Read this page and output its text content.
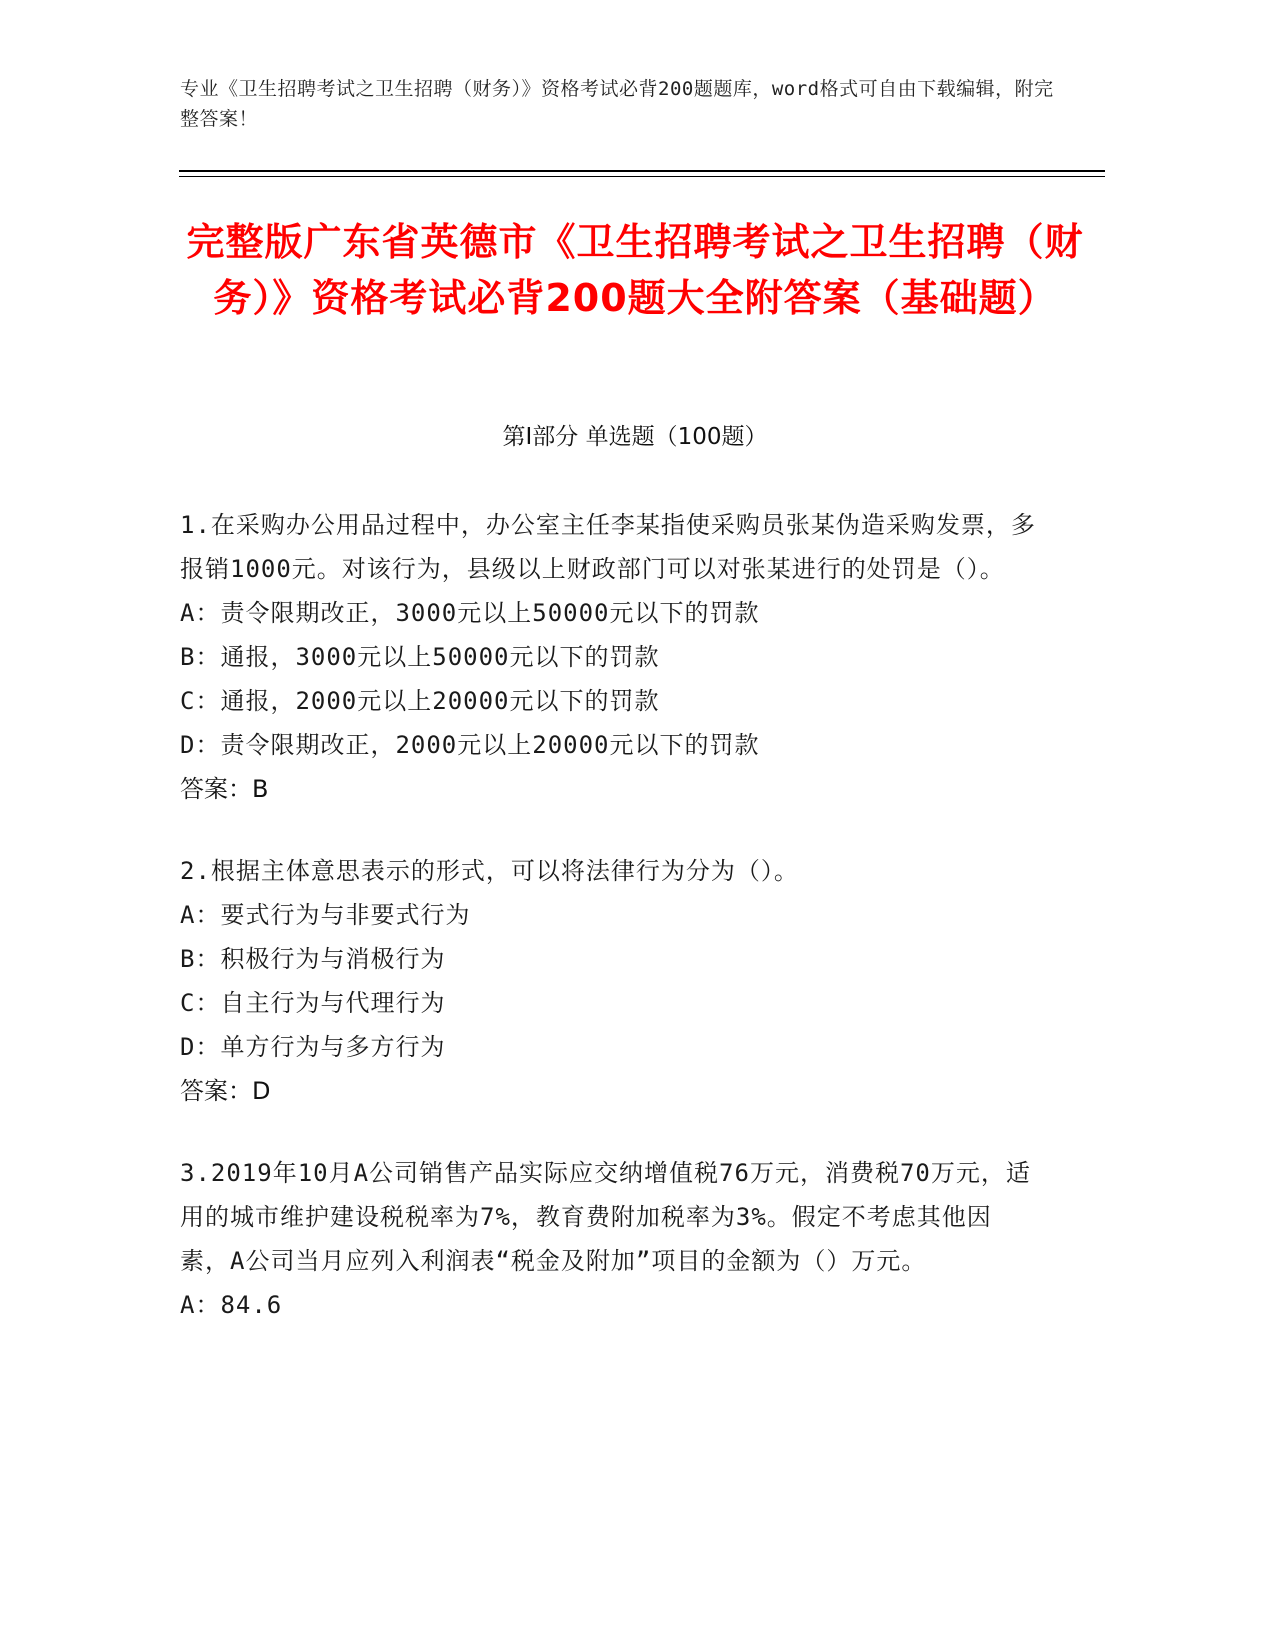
专业《卫生招聘考试之卫生招聘（财务）》资格考试必背200题题库，word格式可自由下载编辑，附完整答案！
完整版广东省英德市《卫生招聘考试之卫生招聘（财务）》资格考试必背200题大全附答案（基础题）
第Ⅰ部分 单选题（100题）

1.在采购办公用品过程中，办公室主任李某指使采购员张某伪造采购发票，多报销1000元。对该行为，县级以上财政部门可以对张某进行的处罚是（）。

A：责令限期改正，3000元以上50000元以下的罚款

B：通报，3000元以上50000元以下的罚款

C：通报，2000元以上20000元以下的罚款

D：责令限期改正，2000元以上20000元以下的罚款

答案：B

2.根据主体意思表示的形式，可以将法律行为分为（）。

A：要式行为与非要式行为

B：积极行为与消极行为

C：自主行为与代理行为

D：单方行为与多方行为

答案：D

3.2019年10月A公司销售产品实际应交纳增值税76万元，消费税70万元，适用的城市维护建设税税率为7%，教育费附加税率为3%。假定不考虑其他因素，A公司当月应列入利润表“税金及附加”项目的金额为（）万元。

A：84.6
